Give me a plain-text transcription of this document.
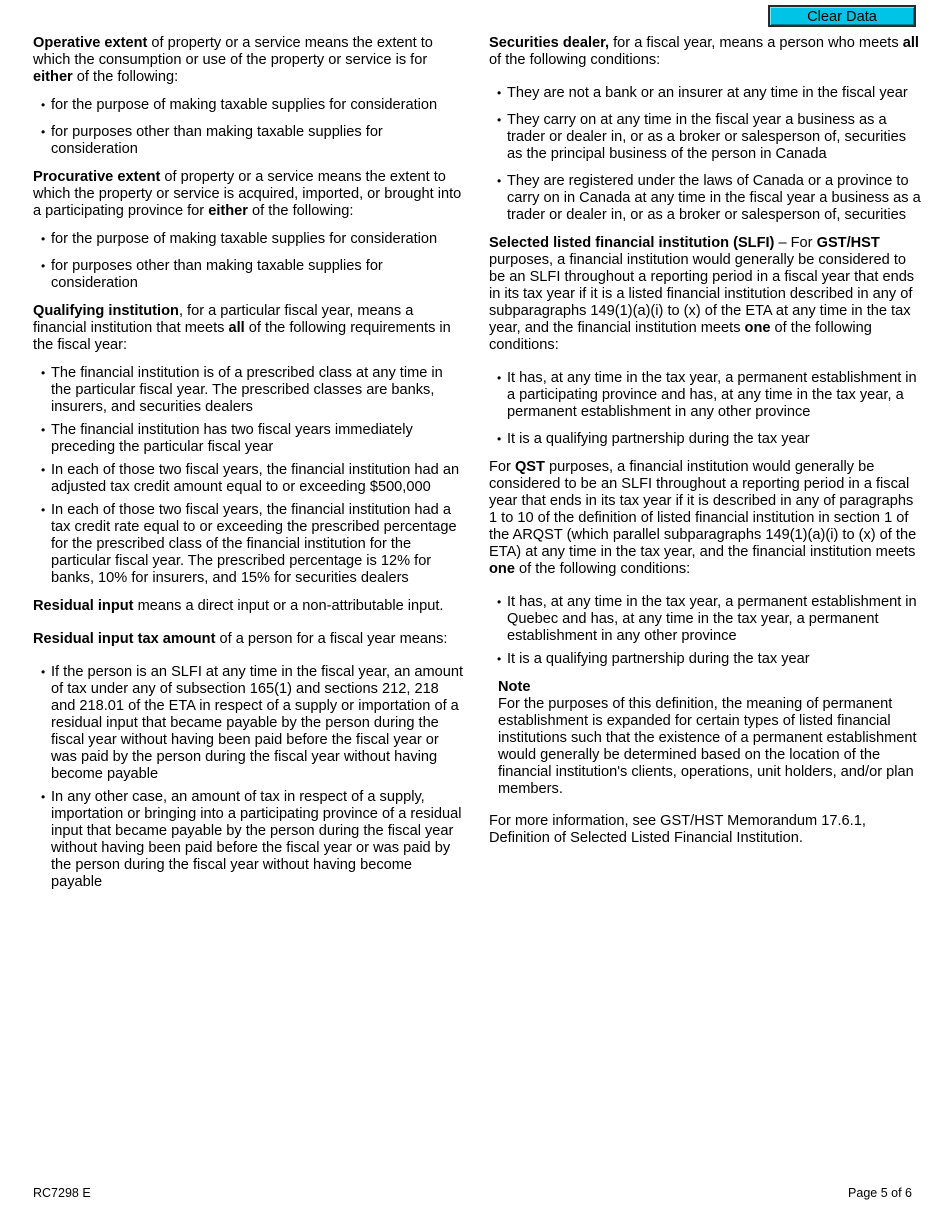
Clear Data

Operative extent of property or a service means the extent to which the consumption or use of the property or service is for either of the following:

• for the purpose of making taxable supplies for consideration
• for purposes other than making taxable supplies for consideration

Procurative extent of property or a service means the extent to which the property or service is acquired, imported, or brought into a participating province for either of the following:

• for the purpose of making taxable supplies for consideration
• for purposes other than making taxable supplies for consideration

Qualifying institution, for a particular fiscal year, means a financial institution that meets all of the following requirements in the fiscal year:

• The financial institution is of a prescribed class at any time in the particular fiscal year. The prescribed classes are banks, insurers, and securities dealers
• The financial institution has two fiscal years immediately preceding the particular fiscal year
• In each of those two fiscal years, the financial institution had an adjusted tax credit amount equal to or exceeding $500,000
• In each of those two fiscal years, the financial institution had a tax credit rate equal to or exceeding the prescribed percentage for the prescribed class of the financial institution for the particular fiscal year. The prescribed percentage is 12% for banks, 10% for insurers, and 15% for securities dealers

Residual input means a direct input or a non-attributable input.

Residual input tax amount of a person for a fiscal year means:

• If the person is an SLFI at any time in the fiscal year, an amount of tax under any of subsection 165(1) and sections 212, 218 and 218.01 of the ETA in respect of a supply or importation of a residual input that became payable by the person during the fiscal year without having been paid before the fiscal year or was paid by the person during the fiscal year without having become payable
• In any other case, an amount of tax in respect of a supply, importation or bringing into a participating province of a residual input that became payable by the person during the fiscal year without having been paid before the fiscal year or was paid by the person during the fiscal year without having become payable

Securities dealer, for a fiscal year, means a person who meets all of the following conditions:

• They are not a bank or an insurer at any time in the fiscal year
• They carry on at any time in the fiscal year a business as a trader or dealer in, or as a broker or salesperson of, securities as the principal business of the person in Canada
• They are registered under the laws of Canada or a province to carry on in Canada at any time in the fiscal year a business as a trader or dealer in, or as a broker or salesperson of, securities

Selected listed financial institution (SLFI) – For GST/HST purposes, a financial institution would generally be considered to be an SLFI throughout a reporting period in a fiscal year that ends in its tax year if it is a listed financial institution described in any of subparagraphs 149(1)(a)(i) to (x) of the ETA at any time in the tax year, and the financial institution meets one of the following conditions:

• It has, at any time in the tax year, a permanent establishment in a participating province and has, at any time in the tax year, a permanent establishment in any other province
• It is a qualifying partnership during the tax year

For QST purposes, a financial institution would generally be considered to be an SLFI throughout a reporting period in a fiscal year that ends in its tax year if it is described in any of paragraphs 1 to 10 of the definition of listed financial institution in section 1 of the ARQST (which parallel subparagraphs 149(1)(a)(i) to (x) of the ETA) at any time in the tax year, and the financial institution meets one of the following conditions:

• It has, at any time in the tax year, a permanent establishment in Quebec and has, at any time in the tax year, a permanent establishment in any other province
• It is a qualifying partnership during the tax year
Note
For the purposes of this definition, the meaning of permanent establishment is expanded for certain types of listed financial institutions such that the existence of a permanent establishment would generally be determined based on the location of the financial institution's clients, operations, unit holders, and/or plan members.

For more information, see GST/HST Memorandum 17.6.1, Definition of Selected Listed Financial Institution.

RC7298 E	Page 5 of 6
